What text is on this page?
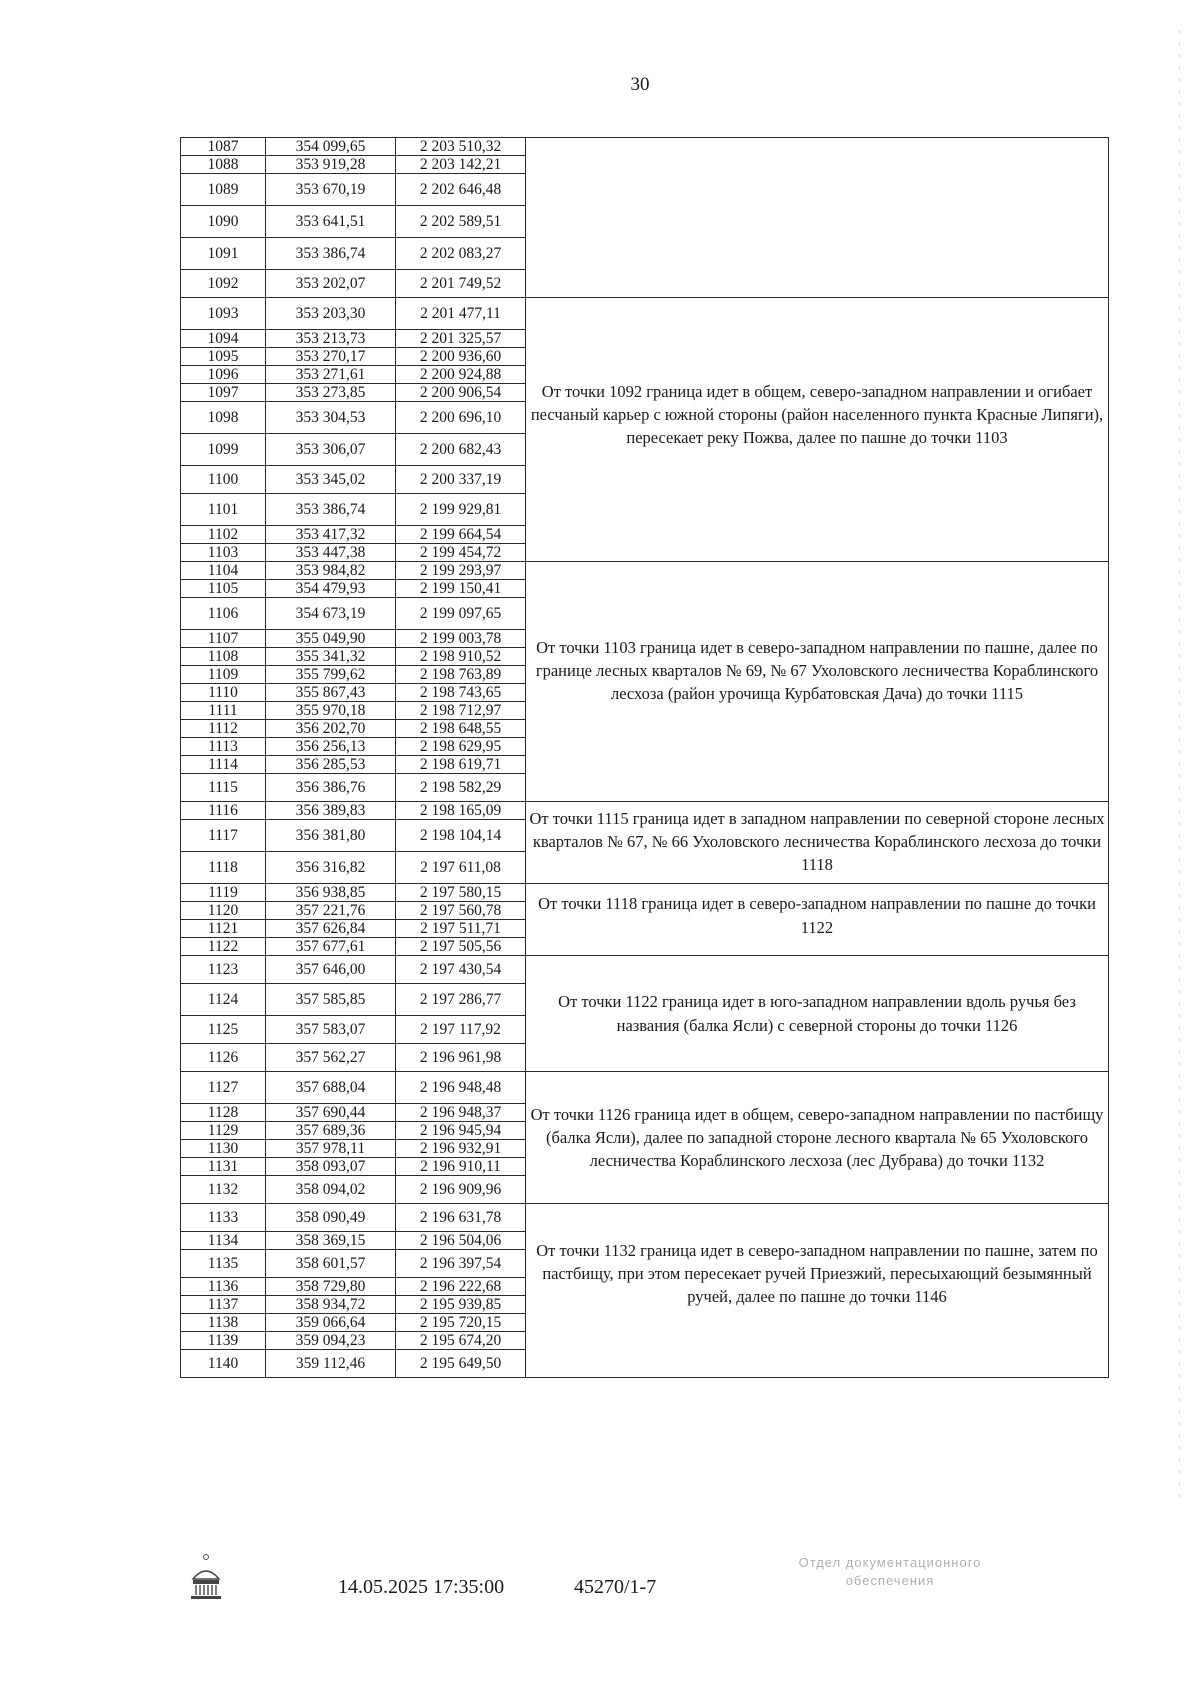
30
1087	354 099,65	2 203 510,32	
1088	353 919,28	2 203 142,21	
1089	353 670,19	2 202 646,48	
1090	353 641,51	2 202 589,51	
1091	353 386,74	2 202 083,27	
1092	353 202,07	2 201 749,52	
1093	353 203,30	2 201 477,11	От точки 1092 граница идет в общем, северо-западном направлении и огибает песчаный карьер с южной стороны (район населенного пункта Красные Липяги), пересекает реку Пожва, далее по пашне до точки 1103
1094	353 213,73	2 201 325,57	
1095	353 270,17	2 200 936,60	
1096	353 271,61	2 200 924,88	
1097	353 273,85	2 200 906,54	
1098	353 304,53	2 200 696,10	
1099	353 306,07	2 200 682,43	
1100	353 345,02	2 200 337,19	
1101	353 386,74	2 199 929,81	
1102	353 417,32	2 199 664,54	
1103	353 447,38	2 199 454,72	
1104	353 984,82	2 199 293,97	От точки 1103 граница идет в северо-западном направлении по пашне, далее по границе лесных кварталов № 69, № 67 Ухоловского лесничества Кораблинского лесхоза (район урочища Курбатовская Дача) до точки 1115
1105	354 479,93	2 199 150,41	
1106	354 673,19	2 199 097,65	
1107	355 049,90	2 199 003,78	
1108	355 341,32	2 198 910,52	
1109	355 799,62	2 198 763,89	
1110	355 867,43	2 198 743,65	
1111	355 970,18	2 198 712,97	
1112	356 202,70	2 198 648,55	
1113	356 256,13	2 198 629,95	
1114	356 285,53	2 198 619,71	
1115	356 386,76	2 198 582,29	
1116	356 389,83	2 198 165,09	От точки 1115 граница идет в западном направлении по северной стороне лесных кварталов № 67, № 66 Ухоловского лесничества Кораблинского лесхоза до точки 1118
1117	356 381,80	2 198 104,14	
1118	356 316,82	2 197 611,08	
1119	356 938,85	2 197 580,15	От точки 1118 граница идет в северо-западном направлении по пашне до точки 1122
1120	357 221,76	2 197 560,78	
1121	357 626,84	2 197 511,71	
1122	357 677,61	2 197 505,56	
1123	357 646,00	2 197 430,54	От точки 1122 граница идет в юго-западном направлении вдоль ручья без названия (балка Ясли) с северной стороны до точки 1126
1124	357 585,85	2 197 286,77	
1125	357 583,07	2 197 117,92	
1126	357 562,27	2 196 961,98	
1127	357 688,04	2 196 948,48	От точки 1126 граница идет в общем, северо-западном направлении по пастбищу (балка Ясли), далее по западной стороне лесного квартала № 65 Ухоловского лесничества Кораблинского лесхоза (лес Дубрава) до точки 1132
1128	357 690,44	2 196 948,37	
1129	357 689,36	2 196 945,94	
1130	357 978,11	2 196 932,91	
1131	358 093,07	2 196 910,11	
1132	358 094,02	2 196 909,96	
1133	358 090,49	2 196 631,78	От точки 1132 граница идет в северо-западном направлении по пашне, затем по пастбищу, при этом пересекает ручей Приезжий, пересыхающий безымянный ручей, далее по пашне до точки 1146
1134	358 369,15	2 196 504,06	
1135	358 601,57	2 196 397,54	
1136	358 729,80	2 196 222,68	
1137	358 934,72	2 195 939,85	
1138	359 066,64	2 195 720,15	
1139	359 094,23	2 195 674,20	
1140	359 112,46	2 195 649,50	
14.05.2025 17:35:00	45270/1-7
Отдел документационного
обеспечения
